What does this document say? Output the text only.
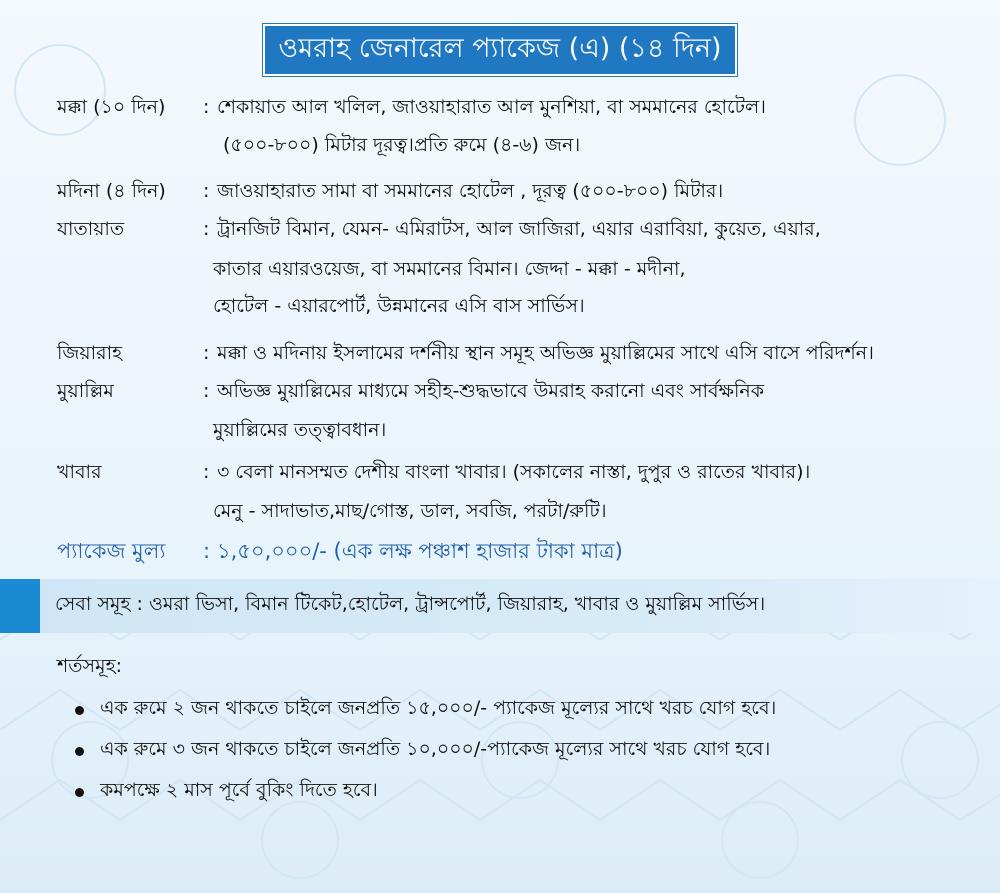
ওমরাহ জেনারেল প্যাকেজ (এ) (১৪ দিন)
মক্কা (১০ দিন) : শেকায়াত আল খলিল, জাওয়াহারাত আল মুনশিয়া, বা সমমানের হোটেল।
(৫০০-৮০০) মিটার দূরত্ব।প্রতি রুমে (৪-৬) জন।
মদিনা (৪ দিন) : জাওয়াহারাত সামা বা সমমানের হোটেল , দূরত্ব (৫০০-৮০০) মিটার।
যাতায়াত	: ট্রানজিট বিমান, যেমন- এমিরাটস, আল জাজিরা, এয়ার এরাবিয়া, কুয়েত, এয়ার,
কাতার এয়ারওয়েজ, বা সমমানের বিমান। জেদ্দা - মক্কা - মদীনা,
হোটেল - এয়ারপোর্ট, উন্নমানের এসি বাস সার্ভিস।
জিয়ারাহ	: মক্কা ও মদিনায় ইসলামের দর্শনীয় স্থান সমূহ অভিজ্ঞ মুয়াল্লিমের সাথে এসি বাসে পরিদর্শন।
মুয়াল্লিম	: অভিজ্ঞ মুয়াল্লিমের মাধ্যমে সহীহ-শুদ্ধভাবে উমরাহ করানো এবং সার্বক্ষনিক
মুয়াল্লিমের তত্ত্বাবধান।
খাবার	: ৩ বেলা মানসম্মত দেশীয় বাংলা খাবার। (সকালের নাস্তা, দুপুর ও রাতের খাবার)।
মেনু - সাদাভাত,মাছ/গোস্ত, ডাল, সবজি, পরটা/রুটি।
প্যাকেজ মুল্য : ১,৫০,০০০/- (এক লক্ষ পঞ্চাশ হাজার টাকা মাত্র)
সেবা সমূহ : ওমরা ভিসা, বিমান টিকেট,হোটেল, ট্রান্সপোর্ট, জিয়ারাহ, খাবার ও মুয়াল্লিম সার্ভিস।
শর্তসমূহ:
এক রুমে ২ জন থাকতে চাইলে জনপ্রতি ১৫,০০০/- প্যাকেজ মূল্যের সাথে খরচ যোগ হবে।
এক রুমে ৩ জন থাকতে চাইলে জনপ্রতি ১০,০০০/-প্যাকেজ মূল্যের সাথে খরচ যোগ হবে।
কমপক্ষে ২ মাস পূর্বে বুকিং দিতে হবে।
